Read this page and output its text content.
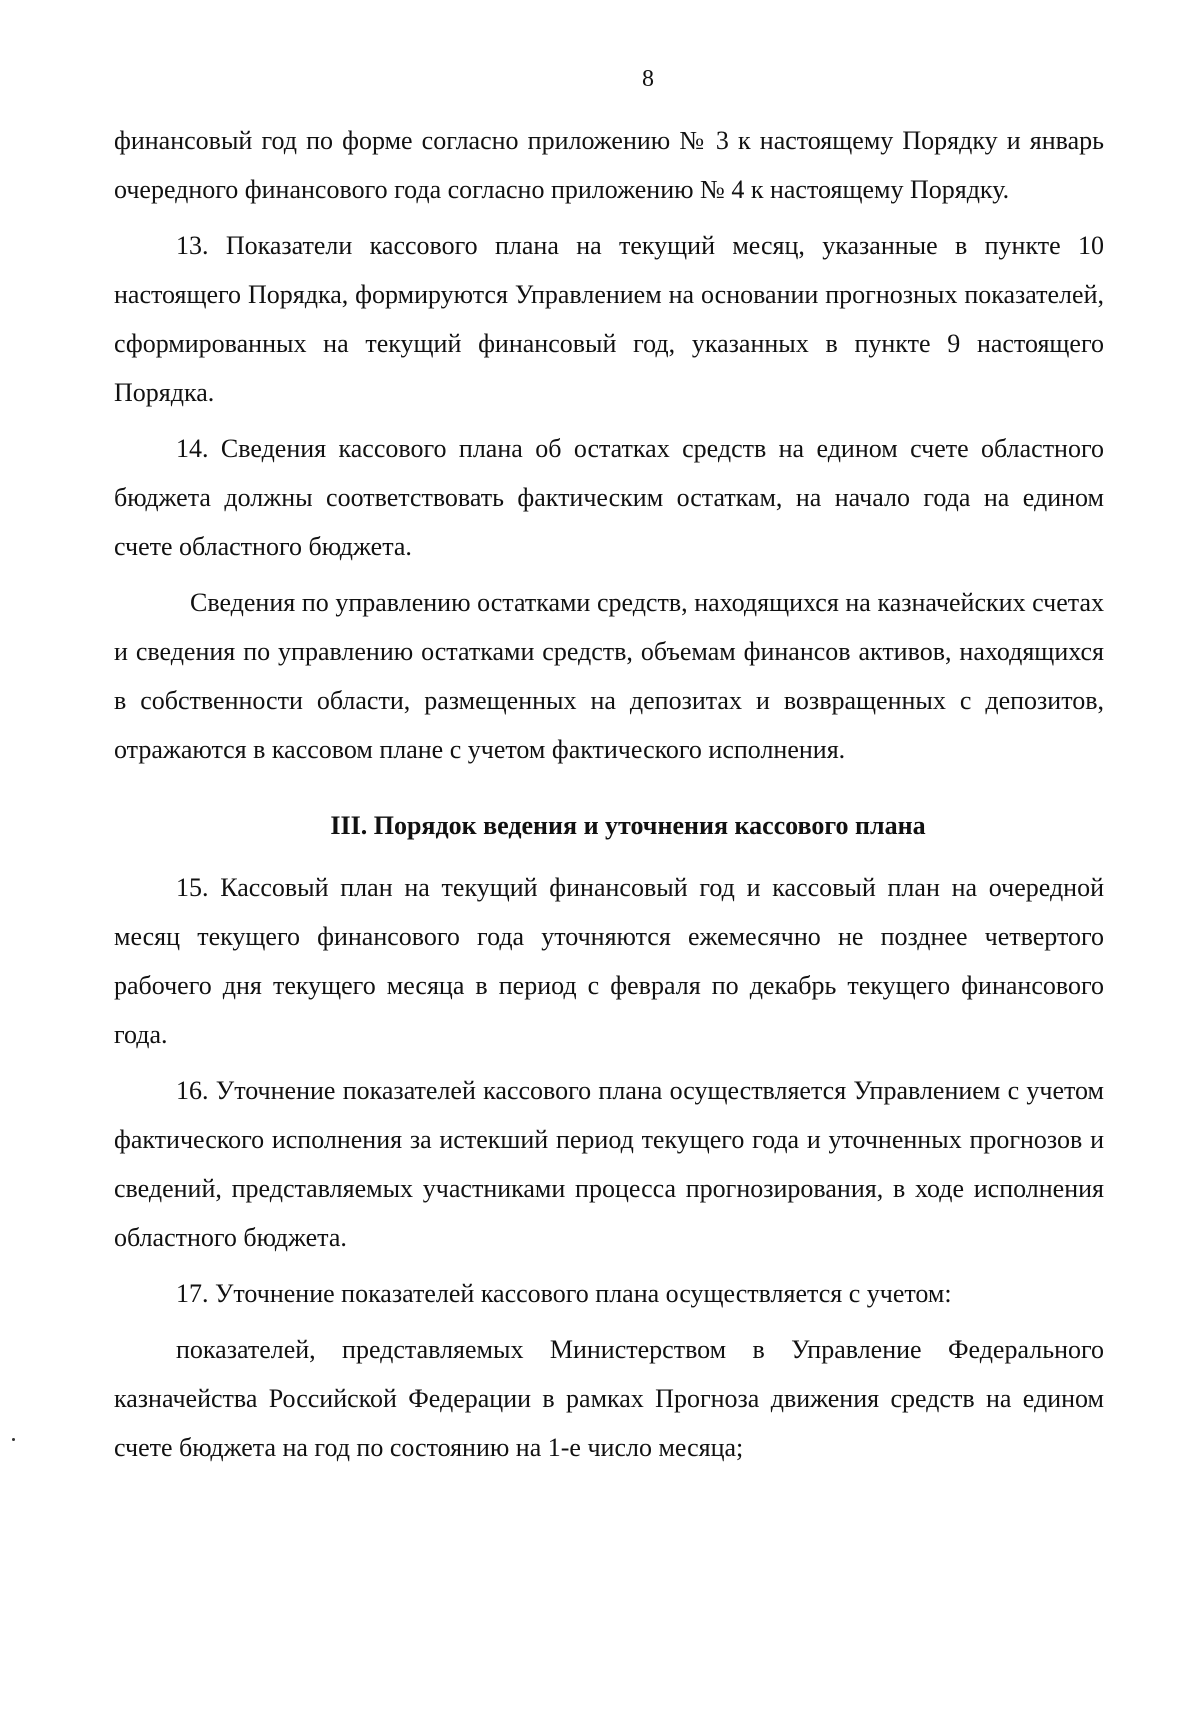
8

финансовый год по форме согласно приложению № 3 к настоящему Порядку и январь очередного финансового года согласно приложению № 4 к настоящему Порядку.

13. Показатели кассового плана на текущий месяц, указанные в пункте 10 настоящего Порядка, формируются Управлением на основании прогнозных показателей, сформированных на текущий финансовый год, указанных в пункте 9 настоящего Порядка.

14. Сведения кассового плана об остатках средств на едином счете областного бюджета должны соответствовать фактическим остаткам, на начало года на едином счете областного бюджета.

Сведения по управлению остатками средств, находящихся на казначейских счетах и сведения по управлению остатками средств, объемам финансов активов, находящихся в собственности области, размещенных на депозитах и возвращенных с депозитов, отражаются в кассовом плане с учетом фактического исполнения.

III. Порядок ведения и уточнения кассового плана

15. Кассовый план на текущий финансовый год и кассовый план на очередной месяц текущего финансового года уточняются ежемесячно не позднее четвертого рабочего дня текущего месяца в период с февраля по декабрь текущего финансового года.

16. Уточнение показателей кассового плана осуществляется Управлением с учетом фактического исполнения за истекший период текущего года и уточненных прогнозов и сведений, представляемых участниками процесса прогнозирования, в ходе исполнения областного бюджета.

17. Уточнение показателей кассового плана осуществляется с учетом:

показателей, представляемых Министерством в Управление Федерального казначейства Российской Федерации в рамках Прогноза движения средств на едином счете бюджета на год по состоянию на 1-е число месяца;
